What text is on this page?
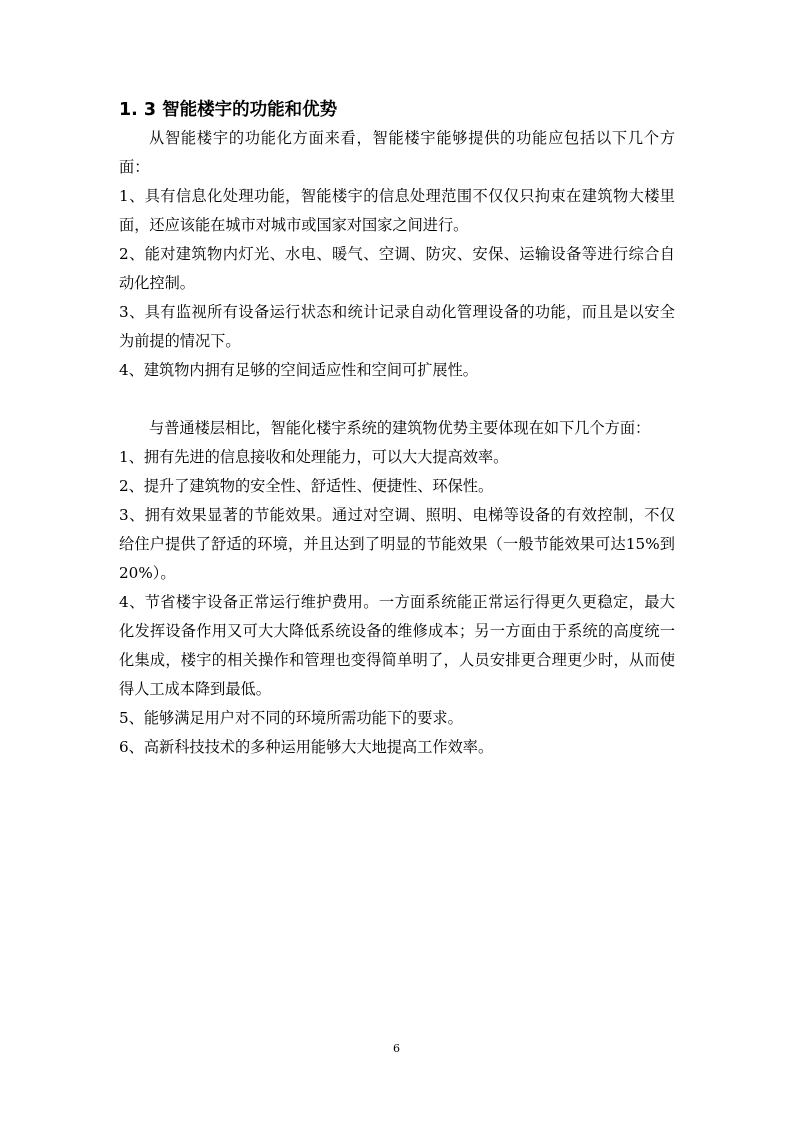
1. 3 智能楼宇的功能和优势

从智能楼宇的功能化方面来看，智能楼宇能够提供的功能应包括以下几个方面：

1、具有信息化处理功能，智能楼宇的信息处理范围不仅仅只拘束在建筑物大楼里面，还应该能在城市对城市或国家对国家之间进行。

2、能对建筑物内灯光、水电、暖气、空调、防灾、安保、运输设备等进行综合自动化控制。

3、具有监视所有设备运行状态和统计记录自动化管理设备的功能，而且是以安全为前提的情况下。

4、建筑物内拥有足够的空间适应性和空间可扩展性。

与普通楼层相比，智能化楼宇系统的建筑物优势主要体现在如下几个方面：

1、拥有先进的信息接收和处理能力，可以大大提高效率。

2、提升了建筑物的安全性、舒适性、便捷性、环保性。

3、拥有效果显著的节能效果。通过对空调、照明、电梯等设备的有效控制，不仅给住户提供了舒适的环境，并且达到了明显的节能效果（一般节能效果可达15%到 20%）。

4、节省楼宇设备正常运行维护费用。一方面系统能正常运行得更久更稳定，最大化发挥设备作用又可大大降低系统设备的维修成本；另一方面由于系统的高度统一化集成，楼宇的相关操作和管理也变得简单明了，人员安排更合理更少时，从而使得人工成本降到最低。

5、能够满足用户对不同的环境所需功能下的要求。

6、高新科技技术的多种运用能够大大地提高工作效率。

6
